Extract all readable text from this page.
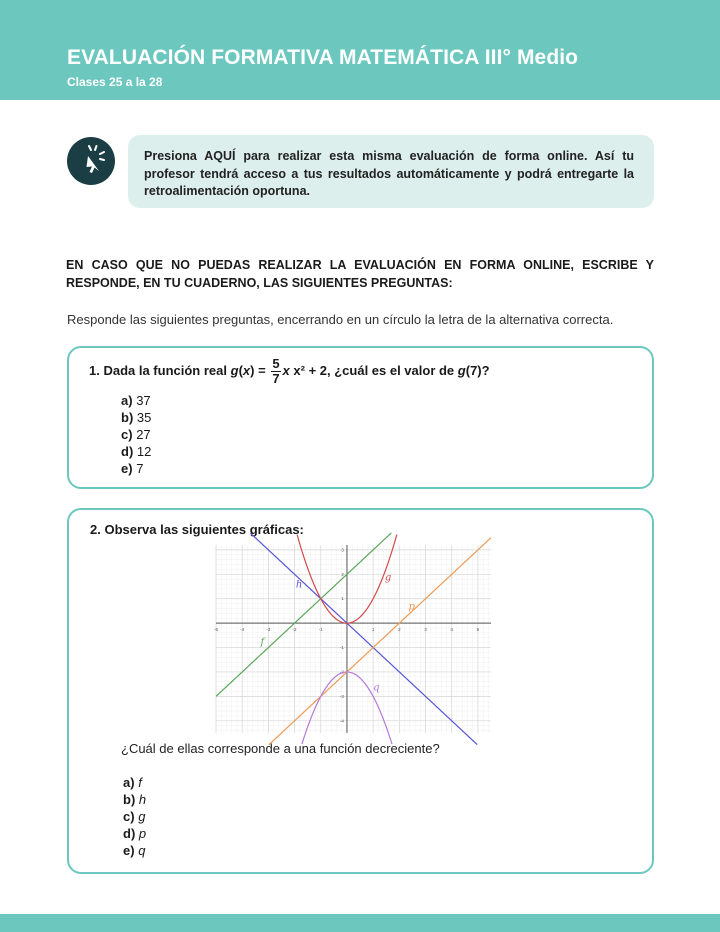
EVALUACIÓN FORMATIVA MATEMÁTICA III° Medio
Clases 25 a la 28

Presiona AQUÍ para realizar esta misma evaluación de forma online. Así tu profesor tendrá acceso a tus resultados automáticamente y podrá entregarte la retroalimentación oportuna.

EN CASO QUE NO PUEDAS REALIZAR LA EVALUACIÓN EN FORMA ONLINE, ESCRIBE Y RESPONDE, EN TU CUADERNO, LAS SIGUIENTES PREGUNTAS:
Responde las siguientes preguntas, encerrando en un círculo la letra de la alternativa correcta.
1. Dada la función real $g(x) = \frac{5}{7}$ x x² + 2, ¿cuál es el valor de g(7)?
a) 37
b) 35
c) 27
d) 12
e) 7
2. Observa las siguientes gráficas:
a) f
b) h
c) g
d) p
e) q
-5	-4	-3	-2	-1	1	2	3	4	5
3
2
1
-1
-2
-3
-4
f
h
g
p
q
¿Cuál de ellas corresponde a una función decreciente?
